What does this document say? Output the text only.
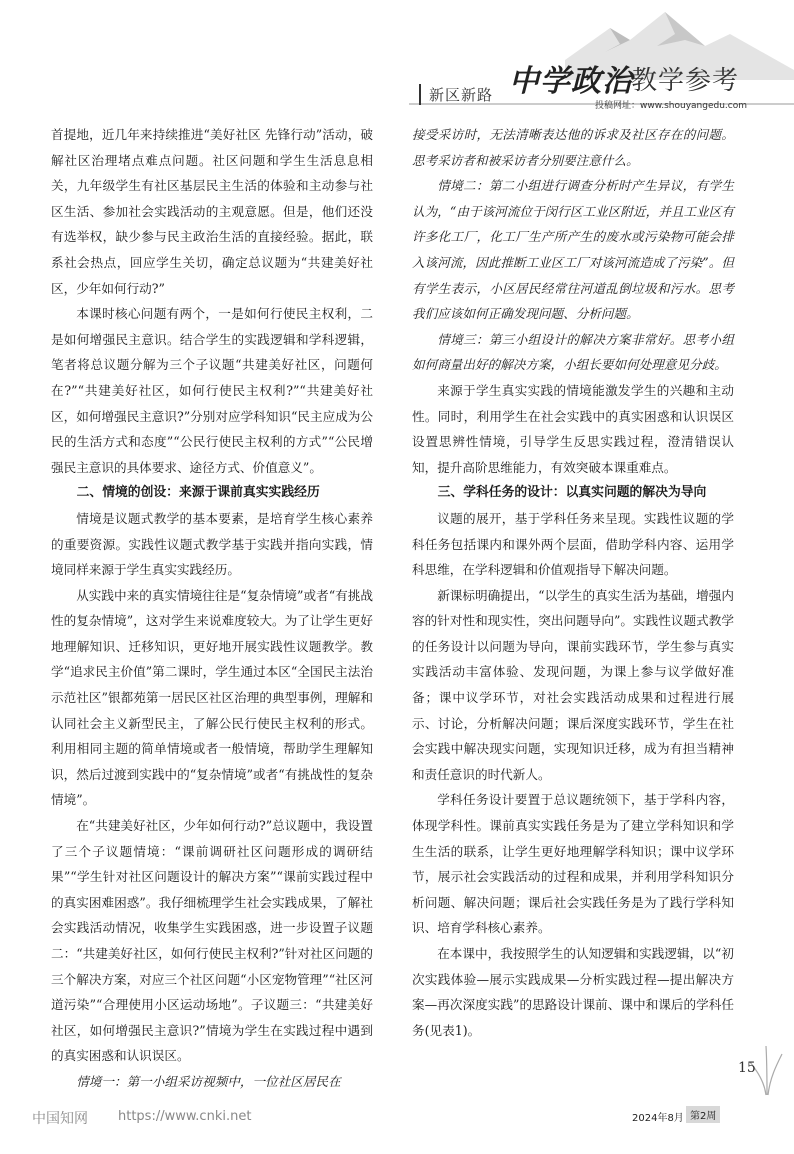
新区新路 中学政治
教学参考
投稿网址：www.shouyangedu.com

首提地，近几年来持续推进“美好社区 先锋行动”活动，破解社区治理堵点难点问题。社区问题和学生生活息息相关，九年级学生有社区基层民主生活的体验和主动参与社区生活、参加社会实践活动的主观意愿。但是，他们还没有选举权，缺少参与民主政治生活的直接经验。据此，联系社会热点，回应学生关切，确定总议题为“共建美好社区，少年如何行动?”

本课时核心问题有两个，一是如何行使民主权利，二是如何增强民主意识。结合学生的实践逻辑和学科逻辑，笔者将总议题分解为三个子议题“共建美好社区，问题何在?”“共建美好社区，如何行使民主权利?”“共建美好社区，如何增强民主意识?”分别对应学科知识“民主应成为公民的生活方式和态度”“公民行使民主权利的方式”“公民增强民主意识的具体要求、途径方式、价值意义”。

二、情境的创设：来源于课前真实实践经历

情境是议题式教学的基本要素，是培育学生核心素养的重要资源。实践性议题式教学基于实践并指向实践，情境同样来源于学生真实实践经历。

从实践中来的真实情境往往是“复杂情境”或者“有挑战性的复杂情境”，这对学生来说难度较大。为了让学生更好地理解知识、迁移知识，更好地开展实践性议题教学。教学“追求民主价值”第二课时，学生通过本区“全国民主法治示范社区”银都苑第一居民区社区治理的典型事例，理解和认同社会主义新型民主，了解公民行使民主权利的形式。利用相同主题的简单情境或者一般情境，帮助学生理解知识，然后过渡到实践中的“复杂情境”或者“有挑战性的复杂情境”。

在“共建美好社区，少年如何行动?”总议题中，我设置了三个子议题情境：“课前调研社区问题形成的调研结果”“学生针对社区问题设计的解决方案”“课前实践过程中的真实困难困惑”。我仔细梳理学生社会实践成果，了解社会实践活动情况，收集学生实践困惑，进一步设置子议题二：“共建美好社区，如何行使民主权利?”针对社区问题的三个解决方案，对应三个社区问题“小区宠物管理”“社区河道污染”“合理使用小区运动场地”。子议题三：“共建美好社区，如何增强民主意识?”情境为学生在实践过程中遇到的真实困惑和认识误区。

情境一：第一小组采访视频中，一位社区居民在

接受采访时，无法清晰表达他的诉求及社区存在的问题。思考采访者和被采访者分别要注意什么。

情境二：第二小组进行调查分析时产生异议，有学生认为，“由于该河流位于闵行区工业区附近，并且工业区有许多化工厂，化工厂生产所产生的废水或污染物可能会排入该河流，因此推断工业区工厂对该河流造成了污染”。但有学生表示，小区居民经常往河道乱倒垃圾和污水。思考我们应该如何正确发现问题、分析问题。

情境三：第三小组设计的解决方案非常好。思考小组如何商量出好的解决方案，小组长要如何处理意见分歧。

来源于学生真实实践的情境能激发学生的兴趣和主动性。同时，利用学生在社会实践中的真实困惑和认识误区设置思辨性情境，引导学生反思实践过程，澄清错误认知，提升高阶思维能力，有效突破本课重难点。

三、学科任务的设计：以真实问题的解决为导向

议题的展开，基于学科任务来呈现。实践性议题的学科任务包括课内和课外两个层面，借助学科内容、运用学科思维，在学科逻辑和价值观指导下解决问题。

新课标明确提出，“以学生的真实生活为基础，增强内容的针对性和现实性，突出问题导向”。实践性议题式教学的任务设计以问题为导向，课前实践环节，学生参与真实实践活动丰富体验、发现问题，为课上参与议学做好准备；课中议学环节，对社会实践活动成果和过程进行展示、讨论，分析解决问题；课后深度实践环节，学生在社会实践中解决现实问题，实现知识迁移，成为有担当精神和责任意识的时代新人。

学科任务设计要置于总议题统领下，基于学科内容，体现学科性。课前真实实践任务是为了建立学科知识和学生生活的联系，让学生更好地理解学科知识；课中议学环节，展示社会实践活动的过程和成果，并利用学科知识分析问题、解决问题；课后社会实践任务是为了践行学科知识、培育学科核心素养。

在本课中，我按照学生的认知逻辑和实践逻辑，以“初次实践体验—展示实践成果—分析实践过程—提出解决方案—再次深度实践”的思路设计课前、课中和课后的学科任务(见表1)。

15
中国知网 https://www.cnki.net	2024年8月 第2周
